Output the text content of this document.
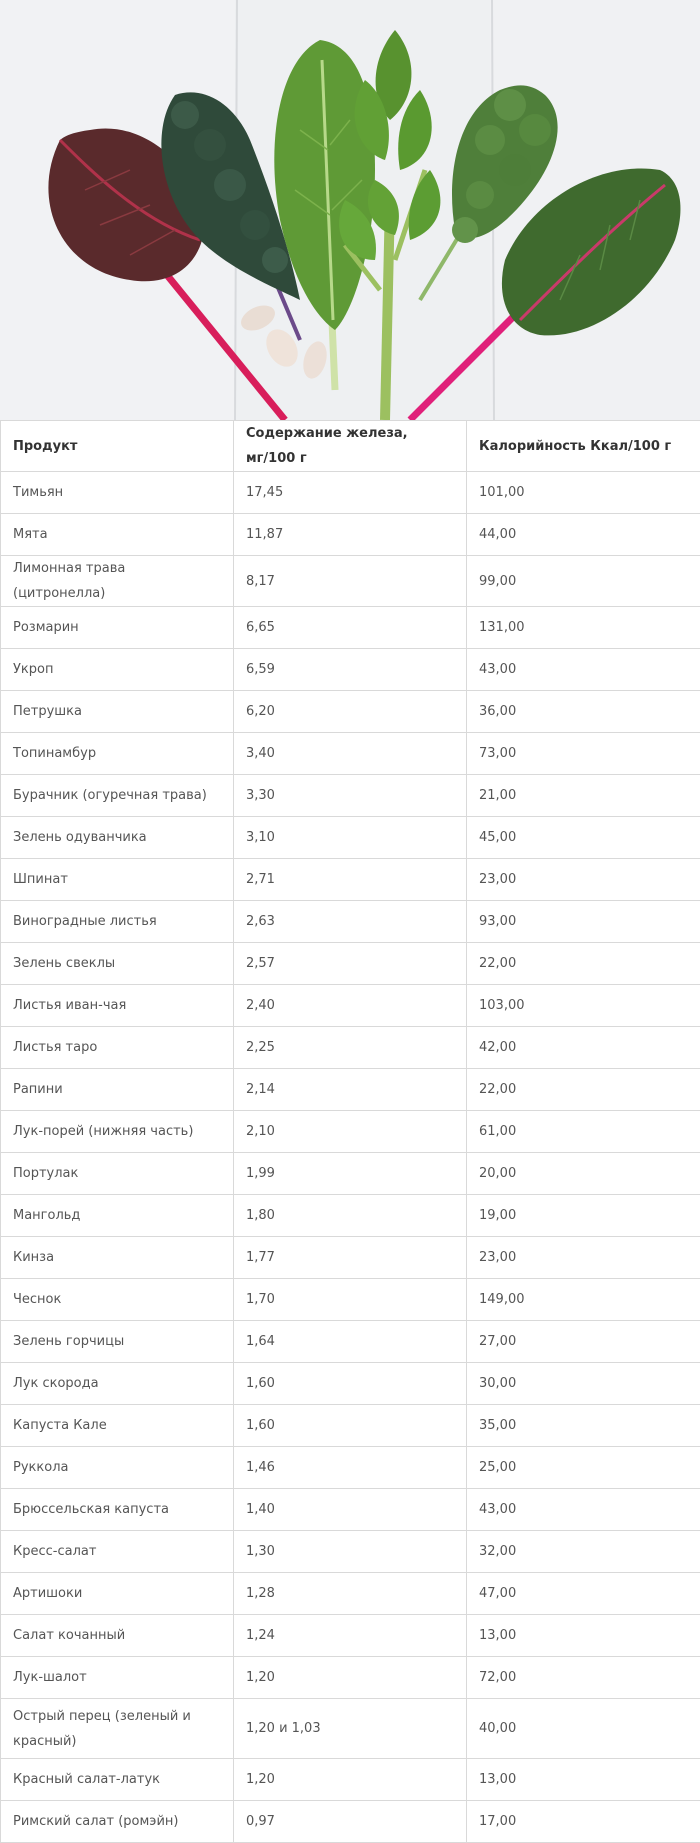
Продукт	Содержание железа, мг/100 г	Калорийность Ккал/100 г
Тимьян	17,45	101,00
Мята	11,87	44,00
Лимонная трава (цитронелла)	8,17	99,00
Розмарин	6,65	131,00
Укроп	6,59	43,00
Петрушка	6,20	36,00
Топинамбур	3,40	73,00
Бурачник (огуречная трава)	3,30	21,00
Зелень одуванчика	3,10	45,00
Шпинат	2,71	23,00
Виноградные листья	2,63	93,00
Зелень свеклы	2,57	22,00
Листья иван-чая	2,40	103,00
Листья таро	2,25	42,00
Рапини	2,14	22,00
Лук-порей (нижняя часть)	2,10	61,00
Портулак	1,99	20,00
Мангольд	1,80	19,00
Кинза	1,77	23,00
Чеснок	1,70	149,00
Зелень горчицы	1,64	27,00
Лук скорода	1,60	30,00
Капуста Кале	1,60	35,00
Руккола	1,46	25,00
Брюссельская капуста	1,40	43,00
Кресс-салат	1,30	32,00
Артишоки	1,28	47,00
Салат кочанный	1,24	13,00
Лук-шалот	1,20	72,00
Острый перец (зеленый и красный)	1,20 и 1,03	40,00
Красный салат-латук	1,20	13,00
Римский салат (ромэйн)	0,97	17,00
